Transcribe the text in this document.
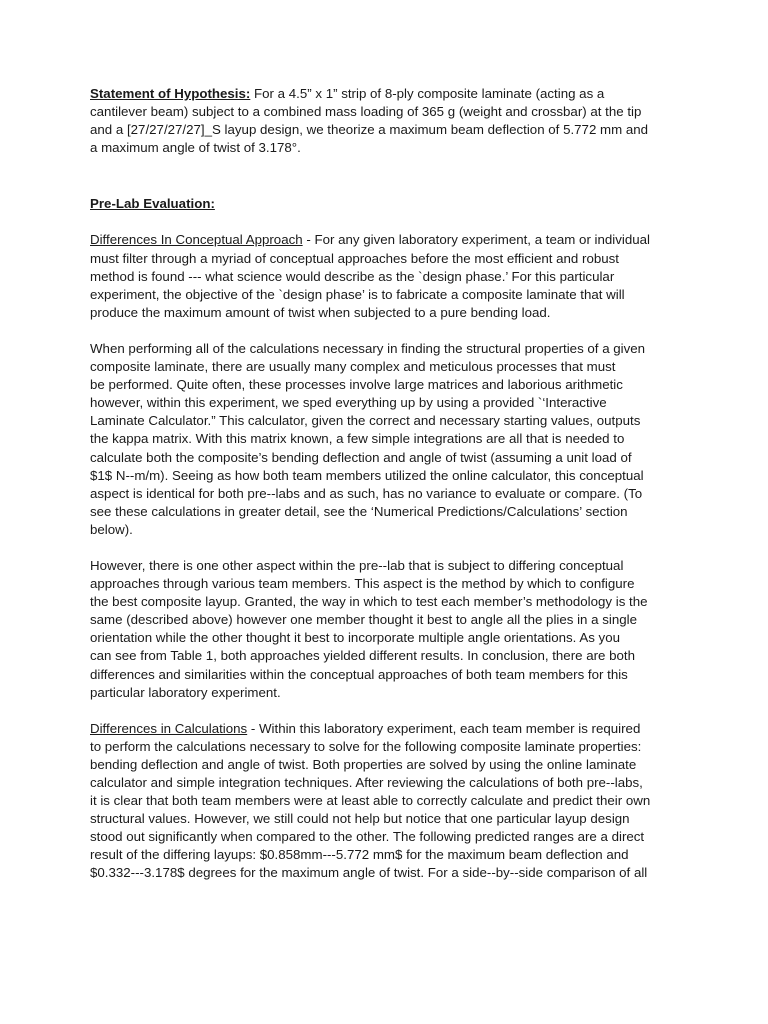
Statement of Hypothesis: For a 4.5” x 1” strip of 8-ply composite laminate (acting as a
cantilever beam) subject to a combined mass loading of 365 g (weight and crossbar) at the tip
and a [27/27/27/27]_S layup design, we theorize a maximum beam deflection of 5.772 mm and
a maximum angle of twist of 3.178°.
Pre-Lab Evaluation:
Differences In Conceptual Approach - For any given laboratory experiment, a team or individual
must filter through a myriad of conceptual approaches before the most efficient and robust
method is found --- what science would describe as the `design phase.’ For this particular
experiment, the objective of the `design phase’ is to fabricate a composite laminate that will
produce the maximum amount of twist when subjected to a pure bending load.
When performing all of the calculations necessary in finding the structural properties of a given
composite laminate, there are usually many complex and meticulous processes that must
be performed. Quite often, these processes involve large matrices and laborious arithmetic
however, within this experiment, we sped everything up by using a provided `‘Interactive
Laminate Calculator.” This calculator, given the correct and necessary starting values, outputs
the kappa matrix. With this matrix known, a few simple integrations are all that is needed to
calculate both the composite’s bending deflection and angle of twist (assuming a unit load of
$1$ N--m/m). Seeing as how both team members utilized the online calculator, this conceptual
aspect is identical for both pre--labs and as such, has no variance to evaluate or compare. (To
see these calculations in greater detail, see the ‘Numerical Predictions/Calculations’ section
below).
However, there is one other aspect within the pre--lab that is subject to differing conceptual
approaches through various team members. This aspect is the method by which to configure
the best composite layup. Granted, the way in which to test each member’s methodology is the
same (described above) however one member thought it best to angle all the plies in a single
orientation while the other thought it best to incorporate multiple angle orientations. As you
can see from Table 1, both approaches yielded different results. In conclusion, there are both
differences and similarities within the conceptual approaches of both team members for this
particular laboratory experiment.
Differences in Calculations - Within this laboratory experiment, each team member is required
to perform the calculations necessary to solve for the following composite laminate properties:
bending deflection and angle of twist. Both properties are solved by using the online laminate
calculator and simple integration techniques. After reviewing the calculations of both pre--labs,
it is clear that both team members were at least able to correctly calculate and predict their own
structural values. However, we still could not help but notice that one particular layup design
stood out significantly when compared to the other. The following predicted ranges are a direct
result of the differing layups: $0.858mm---5.772 mm$ for the maximum beam deflection and
$0.332---3.178$ degrees for the maximum angle of twist. For a side--by--side comparison of all
